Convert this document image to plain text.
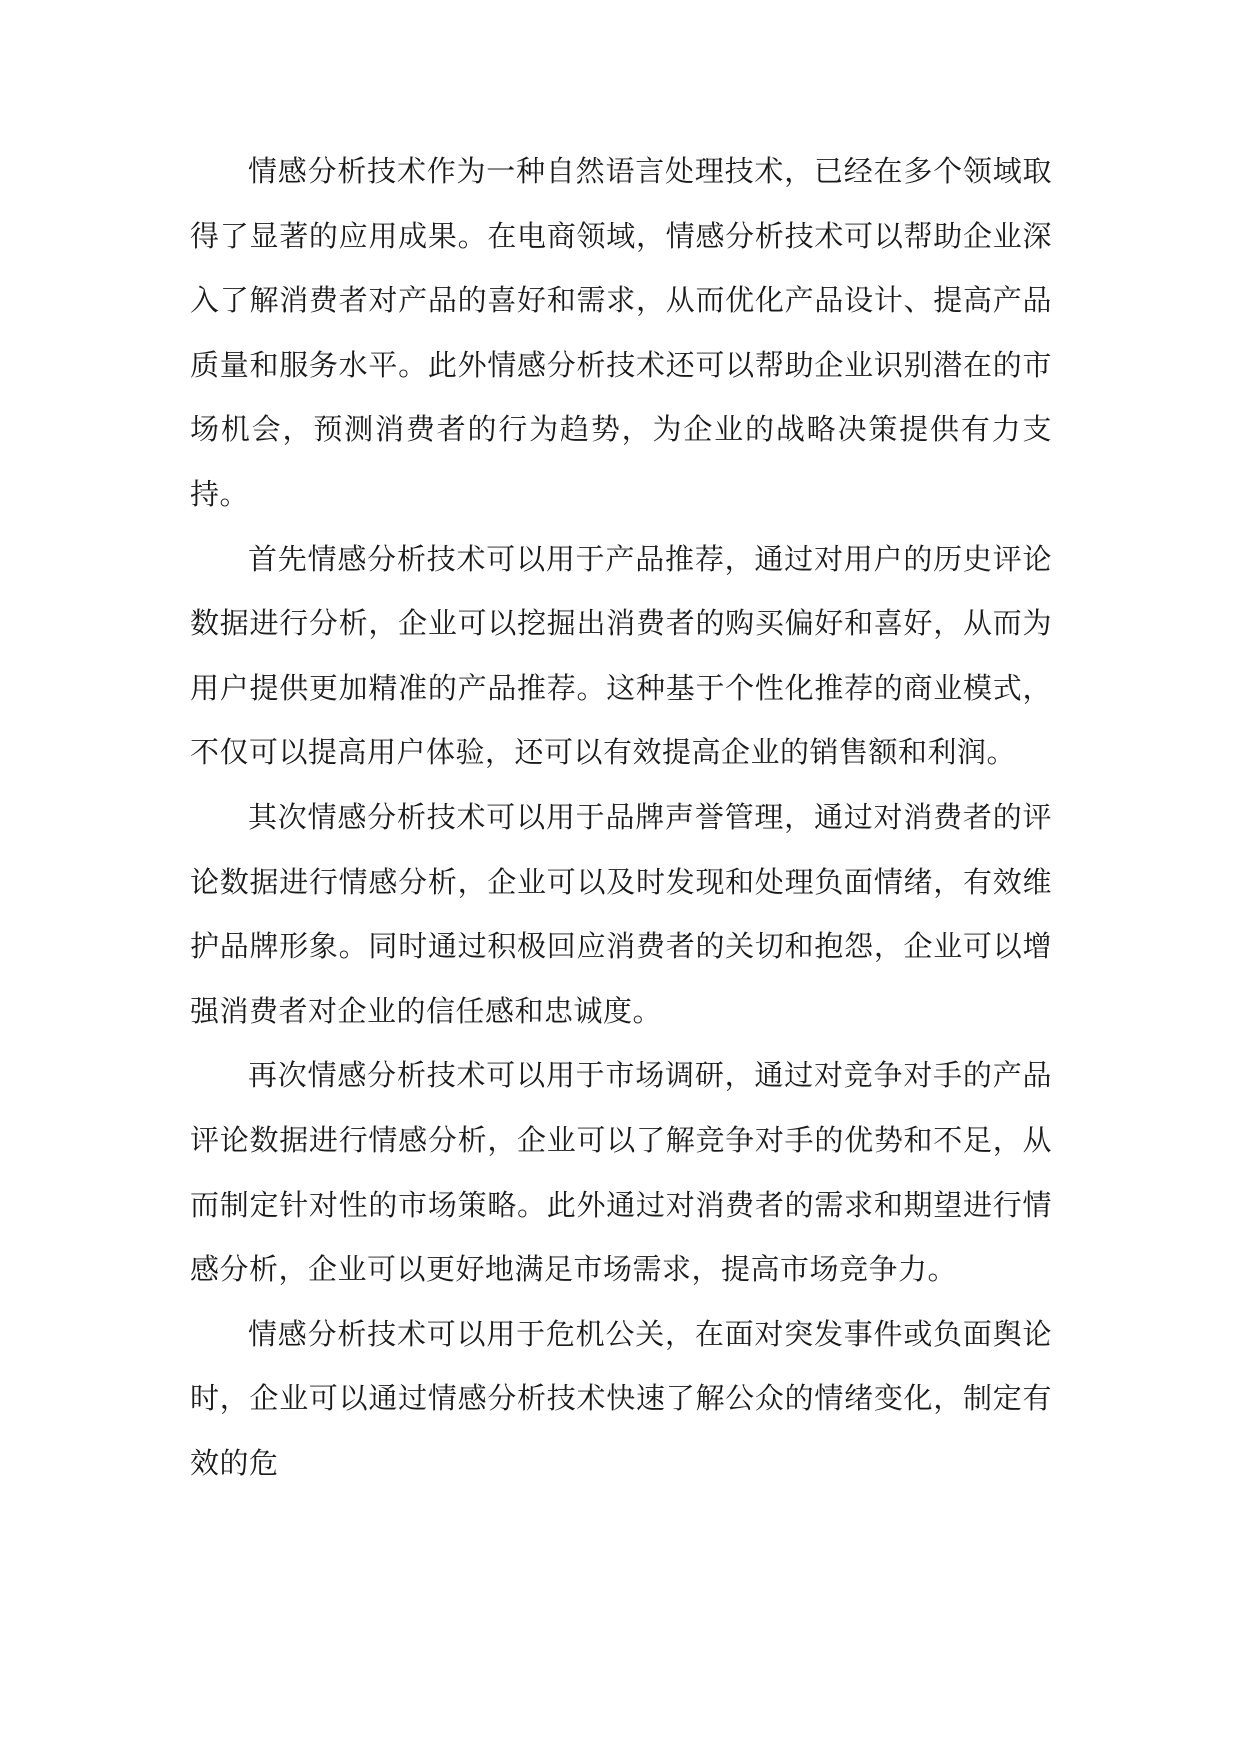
情感分析技术作为一种自然语言处理技术，已经在多个领域取得了显著的应用成果。在电商领域，情感分析技术可以帮助企业深入了解消费者对产品的喜好和需求，从而优化产品设计、提高产品质量和服务水平。此外情感分析技术还可以帮助企业识别潜在的市场机会，预测消费者的行为趋势，为企业的战略决策提供有力支持。

首先情感分析技术可以用于产品推荐，通过对用户的历史评论数据进行分析，企业可以挖掘出消费者的购买偏好和喜好，从而为用户提供更加精准的产品推荐。这种基于个性化推荐的商业模式，不仅可以提高用户体验，还可以有效提高企业的销售额和利润。

其次情感分析技术可以用于品牌声誉管理，通过对消费者的评论数据进行情感分析，企业可以及时发现和处理负面情绪，有效维护品牌形象。同时通过积极回应消费者的关切和抱怨，企业可以增强消费者对企业的信任感和忠诚度。

再次情感分析技术可以用于市场调研，通过对竞争对手的产品评论数据进行情感分析，企业可以了解竞争对手的优势和不足，从而制定针对性的市场策略。此外通过对消费者的需求和期望进行情感分析，企业可以更好地满足市场需求，提高市场竞争力。

情感分析技术可以用于危机公关，在面对突发事件或负面舆论时，企业可以通过情感分析技术快速了解公众的情绪变化，制定有效的危
